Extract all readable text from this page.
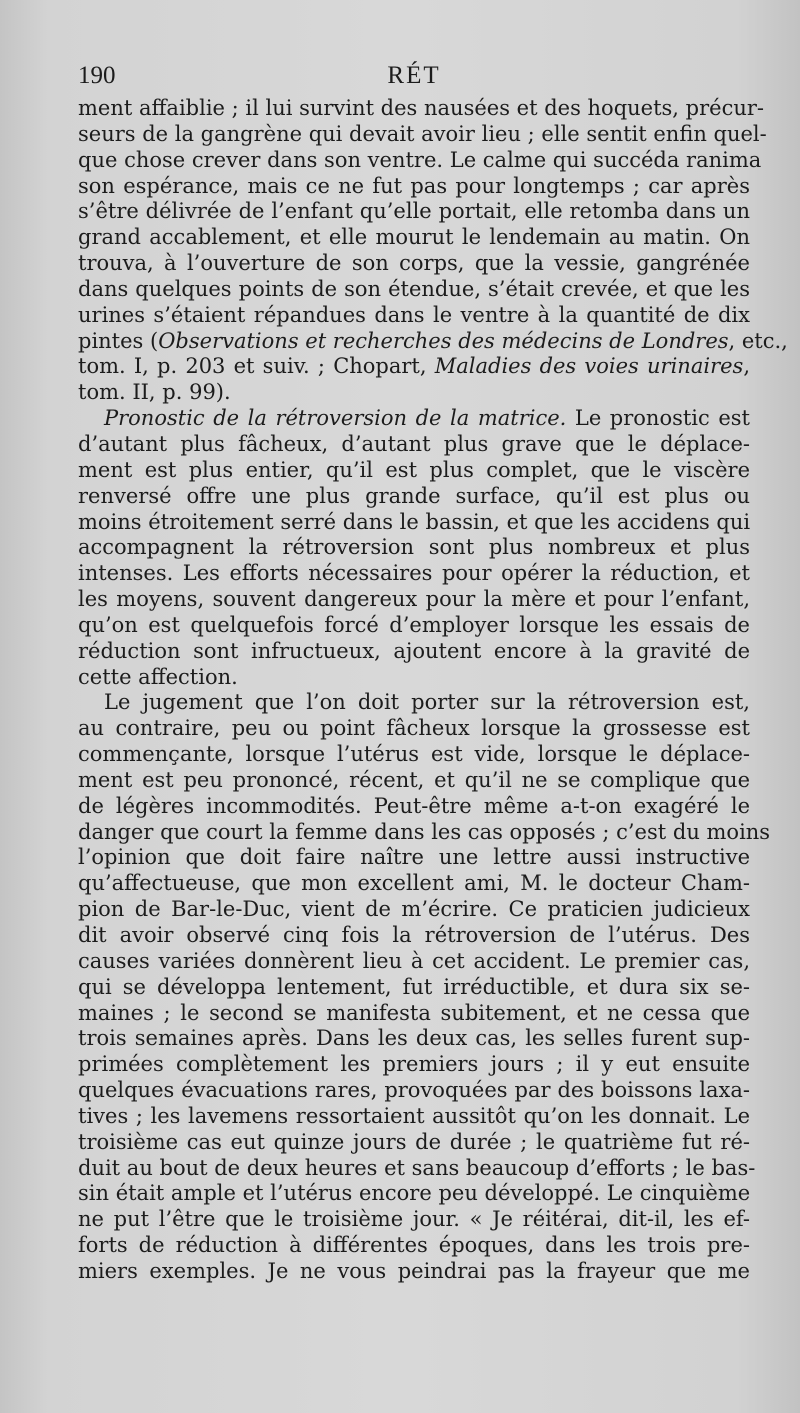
190	RÉT
ment affaiblie ; il lui survint des nausées et des hoquets, précur-
seurs de la gangrène qui devait avoir lieu ; elle sentit enfin quel-
que chose crever dans son ventre. Le calme qui succéda ranima
son espérance, mais ce ne fut pas pour longtemps ; car après
s’être délivrée de l’enfant qu’elle portait, elle retomba dans un
grand accablement, et elle mourut le lendemain au matin. On
trouva, à l’ouverture de son corps, que la vessie, gangrénée
dans quelques points de son étendue, s’était crevée, et que les
urines s’étaient répandues dans le ventre à la quantité de dix
pintes (Observations et recherches des médecins de Londres, etc.,
tom. I, p. 203 et suiv. ; Chopart, Maladies des voies urinaires,
tom. II, p. 99).
Pronostic de la rétroversion de la matrice. Le pronostic est
d’autant plus fâcheux, d’autant plus grave que le déplace-
ment est plus entier, qu’il est plus complet, que le viscère
renversé offre une plus grande surface, qu’il est plus ou
moins étroitement serré dans le bassin, et que les accidens qui
accompagnent la rétroversion sont plus nombreux et plus
intenses. Les efforts nécessaires pour opérer la réduction, et
les moyens, souvent dangereux pour la mère et pour l’enfant,
qu’on est quelquefois forcé d’employer lorsque les essais de
réduction sont infructueux, ajoutent encore à la gravité de
cette affection.
Le jugement que l’on doit porter sur la rétroversion est,
au contraire, peu ou point fâcheux lorsque la grossesse est
commençante, lorsque l’utérus est vide, lorsque le déplace-
ment est peu prononcé, récent, et qu’il ne se complique que
de légères incommodités. Peut-être même a-t-on exagéré le
danger que court la femme dans les cas opposés ; c’est du moins
l’opinion que doit faire naître une lettre aussi instructive
qu’affectueuse, que mon excellent ami, M. le docteur Cham-
pion de Bar-le-Duc, vient de m’écrire. Ce praticien judicieux
dit avoir observé cinq fois la rétroversion de l’utérus. Des
causes variées donnèrent lieu à cet accident. Le premier cas,
qui se développa lentement, fut irréductible, et dura six se-
maines ; le second se manifesta subitement, et ne cessa que
trois semaines après. Dans les deux cas, les selles furent sup-
primées complètement les premiers jours ; il y eut ensuite
quelques évacuations rares, provoquées par des boissons laxa-
tives ; les lavemens ressortaient aussitôt qu’on les donnait. Le
troisième cas eut quinze jours de durée ; le quatrième fut ré-
duit au bout de deux heures et sans beaucoup d’efforts ; le bas-
sin était ample et l’utérus encore peu développé. Le cinquième
ne put l’être que le troisième jour. « Je réitérai, dit-il, les ef-
forts de réduction à différentes époques, dans les trois pre-
miers exemples. Je ne vous peindrai pas la frayeur que me
